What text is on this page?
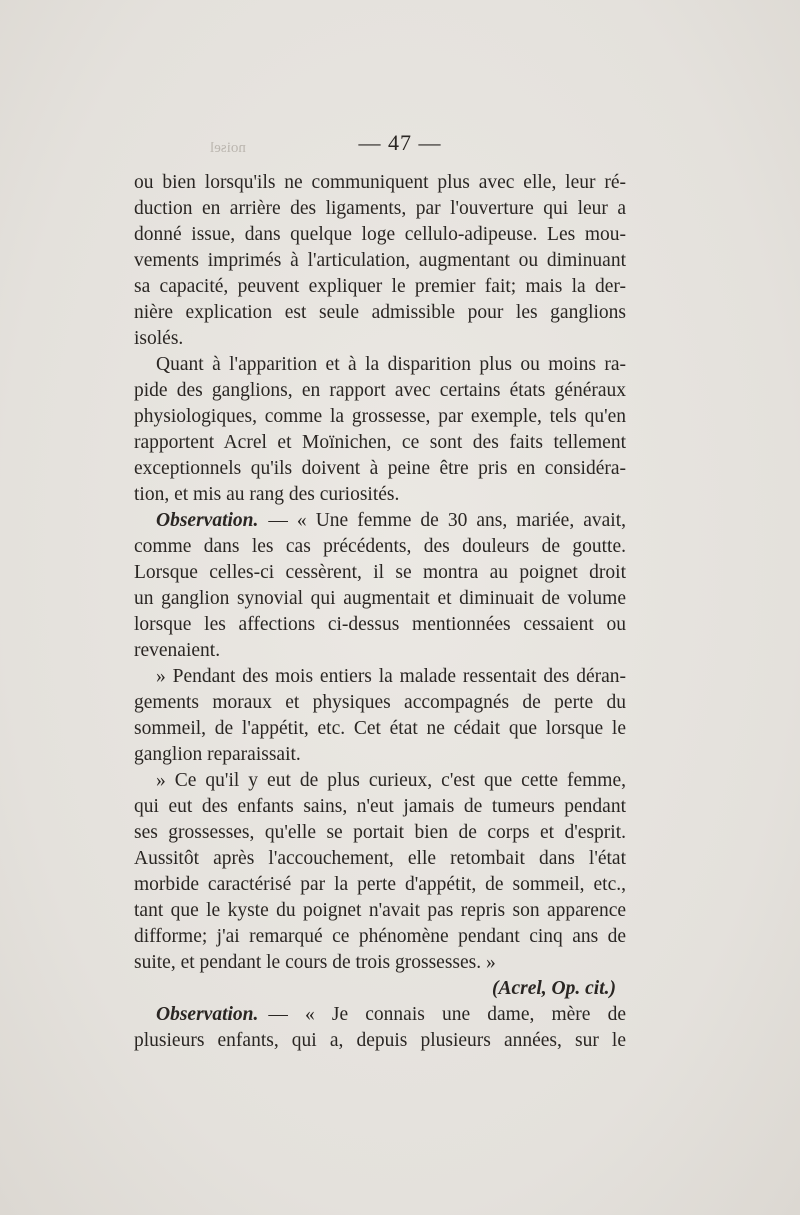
noisel	— 47 —
ou bien lorsqu'ils ne communiquent plus avec elle, leur ré-
duction en arrière des ligaments, par l'ouverture qui leur a
donné issue, dans quelque loge cellulo-adipeuse. Les mou-
vements imprimés à l'articulation, augmentant ou diminuant
sa capacité, peuvent expliquer le premier fait; mais la der-
nière explication est seule admissible pour les ganglions
isolés.
Quant à l'apparition et à la disparition plus ou moins ra-
pide des ganglions, en rapport avec certains états généraux
physiologiques, comme la grossesse, par exemple, tels qu'en
rapportent Acrel et Moïnichen, ce sont des faits tellement
exceptionnels qu'ils doivent à peine être pris en considéra-
tion, et mis au rang des curiosités.
Observation. — « Une femme de 30 ans, mariée, avait,
comme dans les cas précédents, des douleurs de goutte.
Lorsque celles-ci cessèrent, il se montra au poignet droit
un ganglion synovial qui augmentait et diminuait de volume
lorsque les affections ci-dessus mentionnées cessaient ou
revenaient.
» Pendant des mois entiers la malade ressentait des déran-
gements moraux et physiques accompagnés de perte du
sommeil, de l'appétit, etc. Cet état ne cédait que lorsque le
ganglion reparaissait.
» Ce qu'il y eut de plus curieux, c'est que cette femme,
qui eut des enfants sains, n'eut jamais de tumeurs pendant
ses grossesses, qu'elle se portait bien de corps et d'esprit.
Aussitôt après l'accouchement, elle retombait dans l'état
morbide caractérisé par la perte d'appétit, de sommeil, etc.,
tant que le kyste du poignet n'avait pas repris son apparence
difforme; j'ai remarqué ce phénomène pendant cinq ans de
suite, et pendant le cours de trois grossesses. »
(Acrel, Op. cit.)
Observation. — « Je connais une dame, mère de
plusieurs enfants, qui a, depuis plusieurs années, sur le
